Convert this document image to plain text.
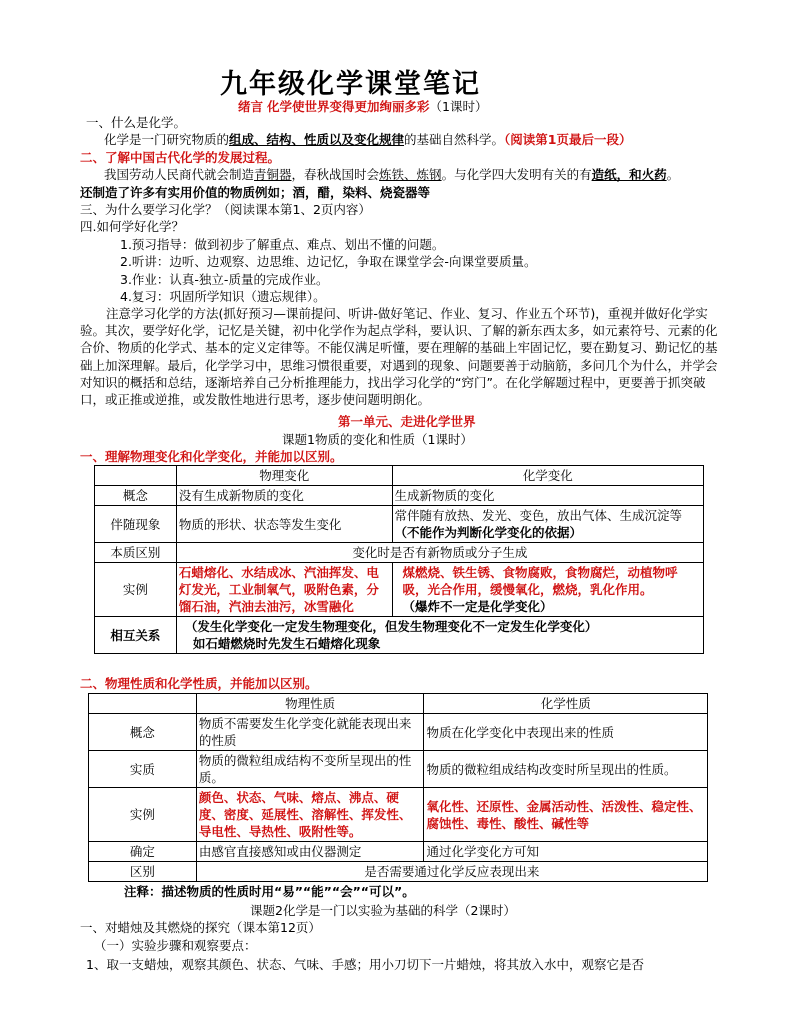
九年级化学课堂笔记
绪言 化学使世界变得更加绚丽多彩（1课时）
一、什么是化学。
化学是一门研究物质的组成、结构、性质以及变化规律的基础自然科学。（阅读第1页最后一段）
二、了解中国古代化学的发展过程。
我国劳动人民商代就会制造青铜器，春秋战国时会炼铁、炼钢。与化学四大发明有关的有造纸，和火药。
还制造了许多有实用价值的物质例如；酒，醋，染料、烧瓷器等
三、为什么要学习化学？（阅读课本第1、2页内容）
四.如何学好化学？
1.预习指导：做到初步了解重点、难点、划出不懂的问题。
2.听讲：边听、边观察、边思维、边记忆，争取在课堂学会-向课堂要质量。
3.作业：认真-独立-质量的完成作业。
4.复习：巩固所学知识（遗忘规律）。
注意学习化学的方法(抓好预习—课前提问、听讲-做好笔记、作业、复习、作业五个环节)，重视并做好化学实验。其次，要学好化学，记忆是关键，初中化学作为起点学科，要认识、了解的新东西太多，如元素符号、元素的化合价、物质的化学式、基本的定义定律等。不能仅满足听懂，要在理解的基础上牢固记忆，要在勤复习、勤记忆的基础上加深理解。最后，化学学习中，思维习惯很重要，对遇到的现象、问题要善于动脑筋，多问几个为什么，并学会对知识的概括和总结，逐渐培养自己分析推理能力，找出学习化学的“窍门”。在化学解题过程中，更要善于抓突破口，或正推或逆推，或发散性地进行思考，逐步使问题明朗化。
第一单元、走进化学世界
课题1物质的变化和性质（1课时）
一、理解物理变化和化学变化，并能加以区别。
	物理变化	化学变化
概念	没有生成新物质的变化	生成新物质的变化
伴随现象	物质的形状、状态等发生变化	常伴随有放热、发光、变色，放出气体、生成沉淀等（不能作为判断化学变化的依据）
本质区别	变化时是否有新物质或分子生成	
实例	石蜡熔化、水结成冰、汽油挥发、电灯发光，工业制氧气，吸附色素，分馏石油，汽油去油污，冰雪融化	煤燃烧、铁生锈、食物腐败，食物腐烂，动植物呼吸，光合作用，缓慢氧化，燃烧，乳化作用。
（爆炸不一定是化学变化）
相互关系	（发生化学变化一定发生物理变化，但发生物理变化不一定发生化学变化）
如石蜡燃烧时先发生石蜡熔化现象	
二、物理性质和化学性质，并能加以区别。
	物理性质	化学性质
概念	物质不需要发生化学变化就能表现出来的性质	物质在化学变化中表现出来的性质
实质	物质的微粒组成结构不变所呈现出的性质。	物质的微粒组成结构改变时所呈现出的性质。
实例	颜色、状态、气味、熔点、沸点、硬度、密度、延展性、溶解性、挥发性、导电性、导热性、吸附性等。	氧化性、还原性、金属活动性、活泼性、稳定性、腐蚀性、毒性、酸性、碱性等
确定	由感官直接感知或由仪器测定	通过化学变化方可知
区别	是否需要通过化学反应表现出来	
注释：描述物质的性质时用“易”“能”“会”“可以”。
课题2化学是一门以实验为基础的科学（2课时）
一、对蜡烛及其燃烧的探究（课本第12页）
（一）实验步骤和观察要点：
1、取一支蜡烛，观察其颜色、状态、气味、手感；用小刀切下一片蜡烛，将其放入水中，观察它是否
